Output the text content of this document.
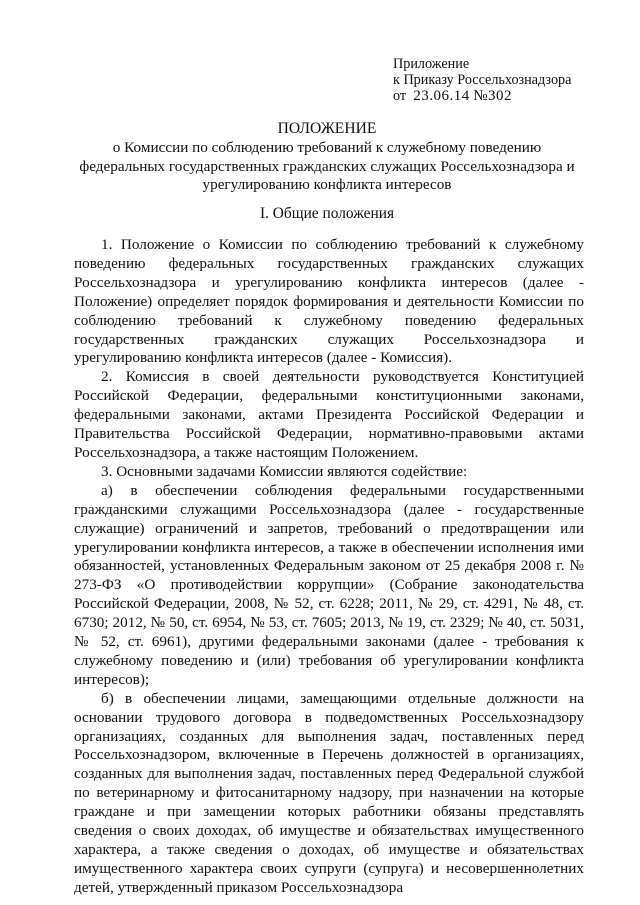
Приложение
к Приказу Россельхознадзора
от 23.06.14 №302
ПОЛОЖЕНИЕ
о Комиссии по соблюдению требований к служебному поведению федеральных государственных гражданских служащих Россельхознадзора и урегулированию конфликта интересов
I. Общие положения

1. Положение о Комиссии по соблюдению требований к служебному поведению федеральных государственных гражданских служащих Россельхознадзора и урегулированию конфликта интересов (далее - Положение) определяет порядок формирования и деятельности Комиссии по соблюдению требований к служебному поведению федеральных государственных гражданских служащих Россельхознадзора и урегулированию конфликта интересов (далее - Комиссия).

2. Комиссия в своей деятельности руководствуется Конституцией Российской Федерации, федеральными конституционными законами, федеральными законами, актами Президента Российской Федерации и Правительства Российской Федерации, нормативно-правовыми актами Россельхознадзора, а также настоящим Положением.

3. Основными задачами Комиссии являются содействие:

а) в обеспечении соблюдения федеральными государственными гражданскими служащими Россельхознадзора (далее - государственные служащие) ограничений и запретов, требований о предотвращении или урегулировании конфликта интересов, а также в обеспечении исполнения ими обязанностей, установленных Федеральным законом от 25 декабря 2008 г. № 273-ФЗ «О противодействии коррупции» (Собрание законодательства Российской Федерации, 2008, № 52, ст. 6228; 2011, № 29, ст. 4291, № 48, ст. 6730; 2012, № 50, ст. 6954, № 53, ст. 7605; 2013, № 19, ст. 2329; № 40, ст. 5031, № 52, ст. 6961), другими федеральными законами (далее - требования к служебному поведению и (или) требования об урегулировании конфликта интересов);

б) в обеспечении лицами, замещающими отдельные должности на основании трудового договора в подведомственных Россельхознадзору организациях, созданных для выполнения задач, поставленных перед Россельхознадзором, включенные в Перечень должностей в организациях, созданных для выполнения задач, поставленных перед Федеральной службой по ветеринарному и фитосанитарному надзору, при назначении на которые граждане и при замещении которых работники обязаны представлять сведения о своих доходах, об имуществе и обязательствах имущественного характера, а также сведения о доходах, об имуществе и обязательствах имущественного характера своих супруги (супруга) и несовершеннолетних детей, утвержденный приказом Россельхознадзора
